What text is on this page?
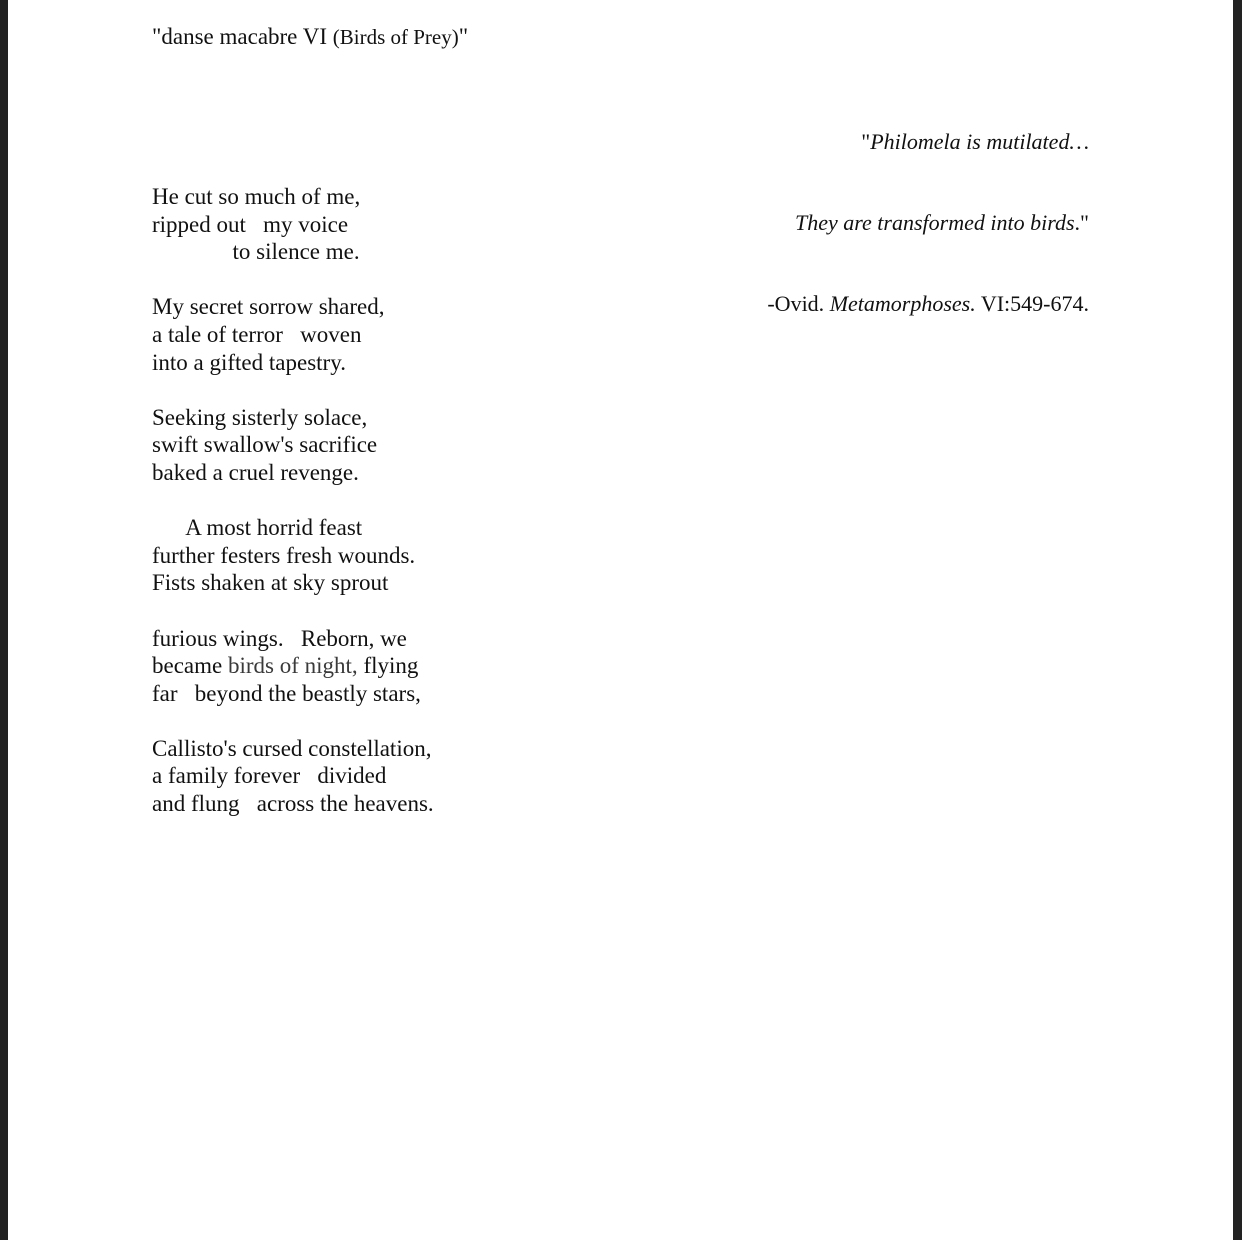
"danse macabre VI (Birds of Prey)"

"Philomela is mutilated…

They are transformed into birds."

-Ovid. Metamorphoses. VI:549-674.

He cut so much of me,
ripped out   my voice
to silence me.
My secret sorrow shared,
a tale of terror   woven
into a gifted tapestry.
Seeking sisterly solace,
swift swallow's sacrifice
baked a cruel revenge.
A most horrid feast
further festers fresh wounds.
Fists shaken at sky sprout
furious wings.   Reborn, we
became birds of night, flying
far   beyond the beastly stars,
Callisto's cursed constellation,
a family forever   divided
and flung   across the heavens.
